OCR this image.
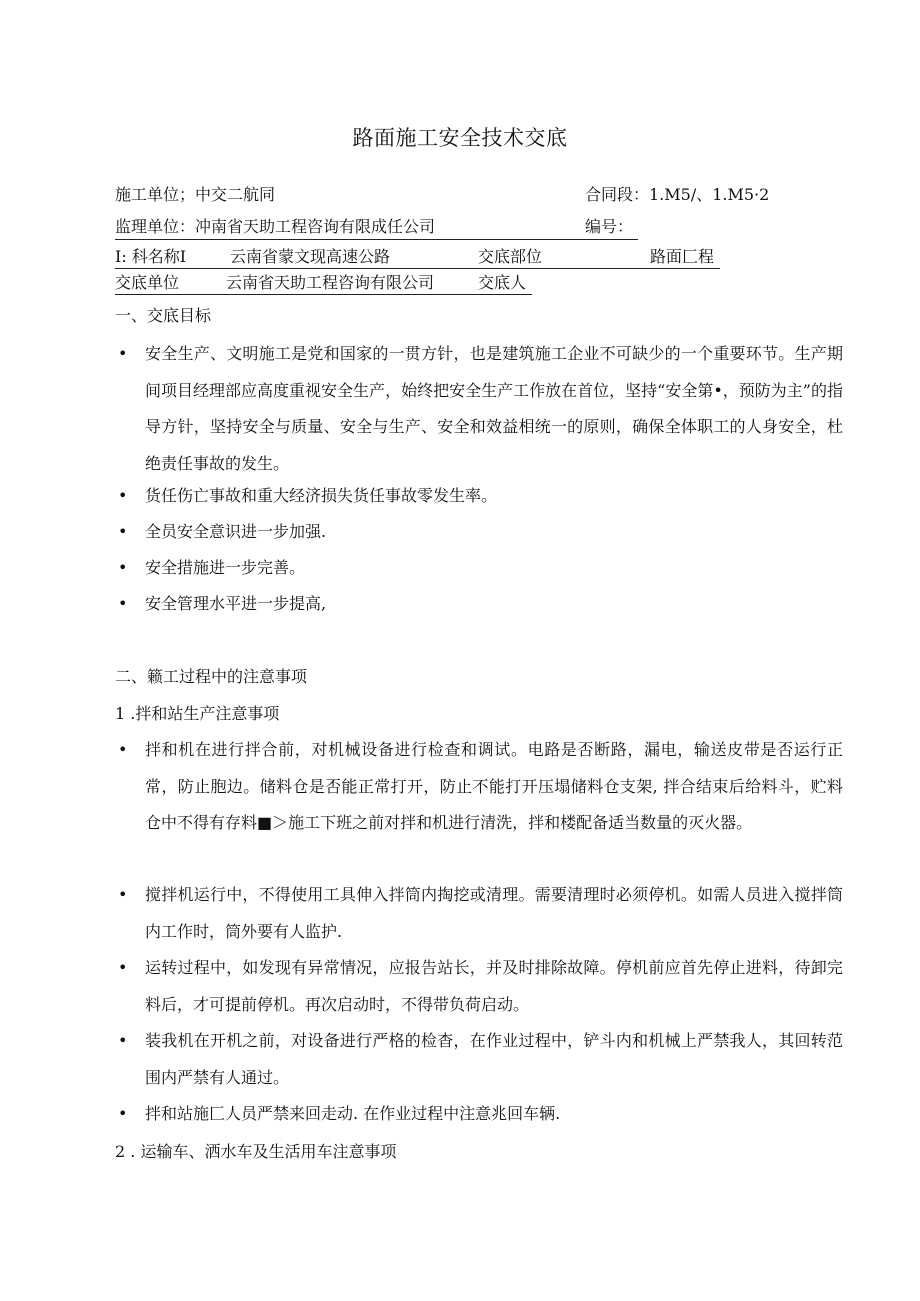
路面施工安全技术交底
施工单位；中交二航同	合同段：1.M5/、1.M5·2
监理单位：冲南省天助工程咨询有限成任公司	编号：
I: 科名称I	云南省蒙文现高速公路	交底部位	路面匚程
交底单位	云南省天助工程咨询有限公司	交底人
一、交底目标
• 安全生产、文明施工是党和国家的一贯方针，也是建筑施工企业不可缺少的一个重要环节。生产期间项目经理部应高度重视安全生产，始终把安全生产工作放在首位，坚持“安全第•，预防为主”的指导方针，坚持安全与质量、安全与生产、安全和效益相统一的原则，确保全体职工的人身安全，杜绝责任事故的发生。
• 货任伤亡事故和重大经济损失货任事故零发生率。
• 全员安全意识进一步加强.
• 安全措施进一步完善。
• 安全管理水平进一步提高,
二、籁工过程中的注意事项
1 .拌和站生产注意事项
• 拌和机在进行拌合前，对机械设备进行检查和调试。电路是否断路，漏电，输送皮带是否运行正常，防止胞边。储料仓是否能正常打开，防止不能打开压塌储料仓支架, 拌合结束后给料斗，贮料仓中不得有存料■＞施工下班之前对拌和机进行清洗，拌和楼配备适当数量的灭火器。
• 搅拌机运行中，不得使用工具伸入拌筒内掏挖或清理。需要清理时必须停机。如需人员进入搅拌筒内工作时，筒外要有人监护.
• 运转过程中，如发现有异常情况，应报告站长，并及时排除故障。停机前应首先停止进料，待卸完料后，才可提前停机。再次启动时，不得带负荷启动。
• 装我机在开机之前，对设备进行严格的检杳，在作业过程中，铲斗内和机械上严禁我人，其回转范围内严禁有人通过。
• 拌和站施匚人员严禁来回走动. 在作业过程中注意兆回车辆.
2 . 运输车、洒水车及生活用车注意事项
